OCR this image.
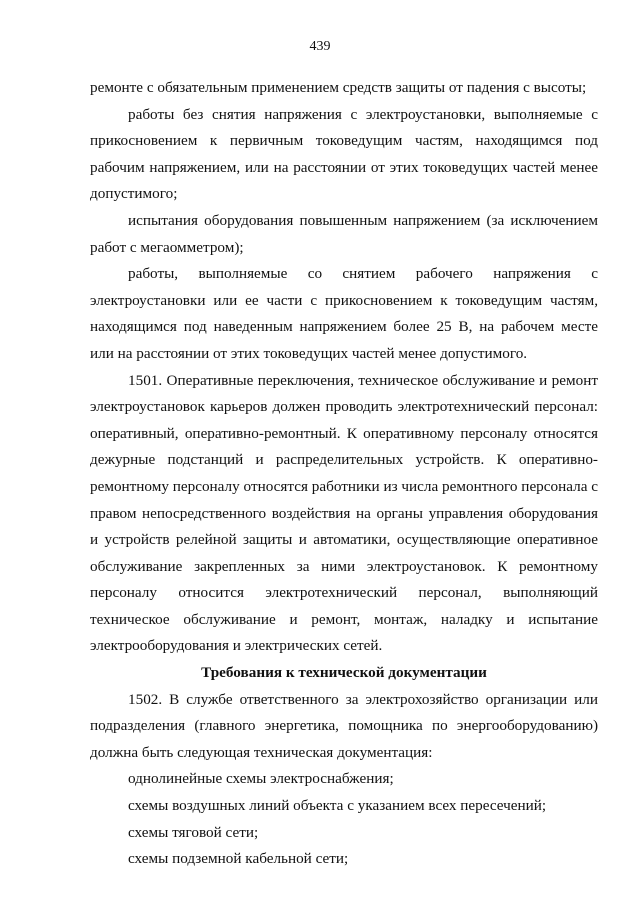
439

ремонте с обязательным применением средств защиты от падения с высоты;

работы без снятия напряжения с электроустановки, выполняемые с прикосновением к первичным токоведущим частям, находящимся под рабочим напряжением, или на расстоянии от этих токоведущих частей менее допустимого;

испытания оборудования повышенным напряжением (за исключением работ с мегаомметром);

работы, выполняемые со снятием рабочего напряжения с электроустановки или ее части с прикосновением к токоведущим частям, находящимся под наведенным напряжением более 25 В, на рабочем месте или на расстоянии от этих токоведущих частей менее допустимого.

1501. Оперативные переключения, техническое обслуживание и ремонт электроустановок карьеров должен проводить электротехнический персонал: оперативный, оперативно-ремонтный. К оперативному персоналу относятся дежурные подстанций и распределительных устройств. К оперативно-ремонтному персоналу относятся работники из числа ремонтного персонала с правом непосредственного воздействия на органы управления оборудования и устройств релейной защиты и автоматики, осуществляющие оперативное обслуживание закрепленных за ними электроустановок. К ремонтному персоналу относится электротехнический персонал, выполняющий техническое обслуживание и ремонт, монтаж, наладку и испытание электрооборудования и электрических сетей.

Требования к технической документации

1502. В службе ответственного за электрохозяйство организации или подразделения (главного энергетика, помощника по энергооборудованию) должна быть следующая техническая документация:

однолинейные схемы электроснабжения;

схемы воздушных линий объекта с указанием всех пересечений;

схемы тяговой сети;

схемы подземной кабельной сети;
